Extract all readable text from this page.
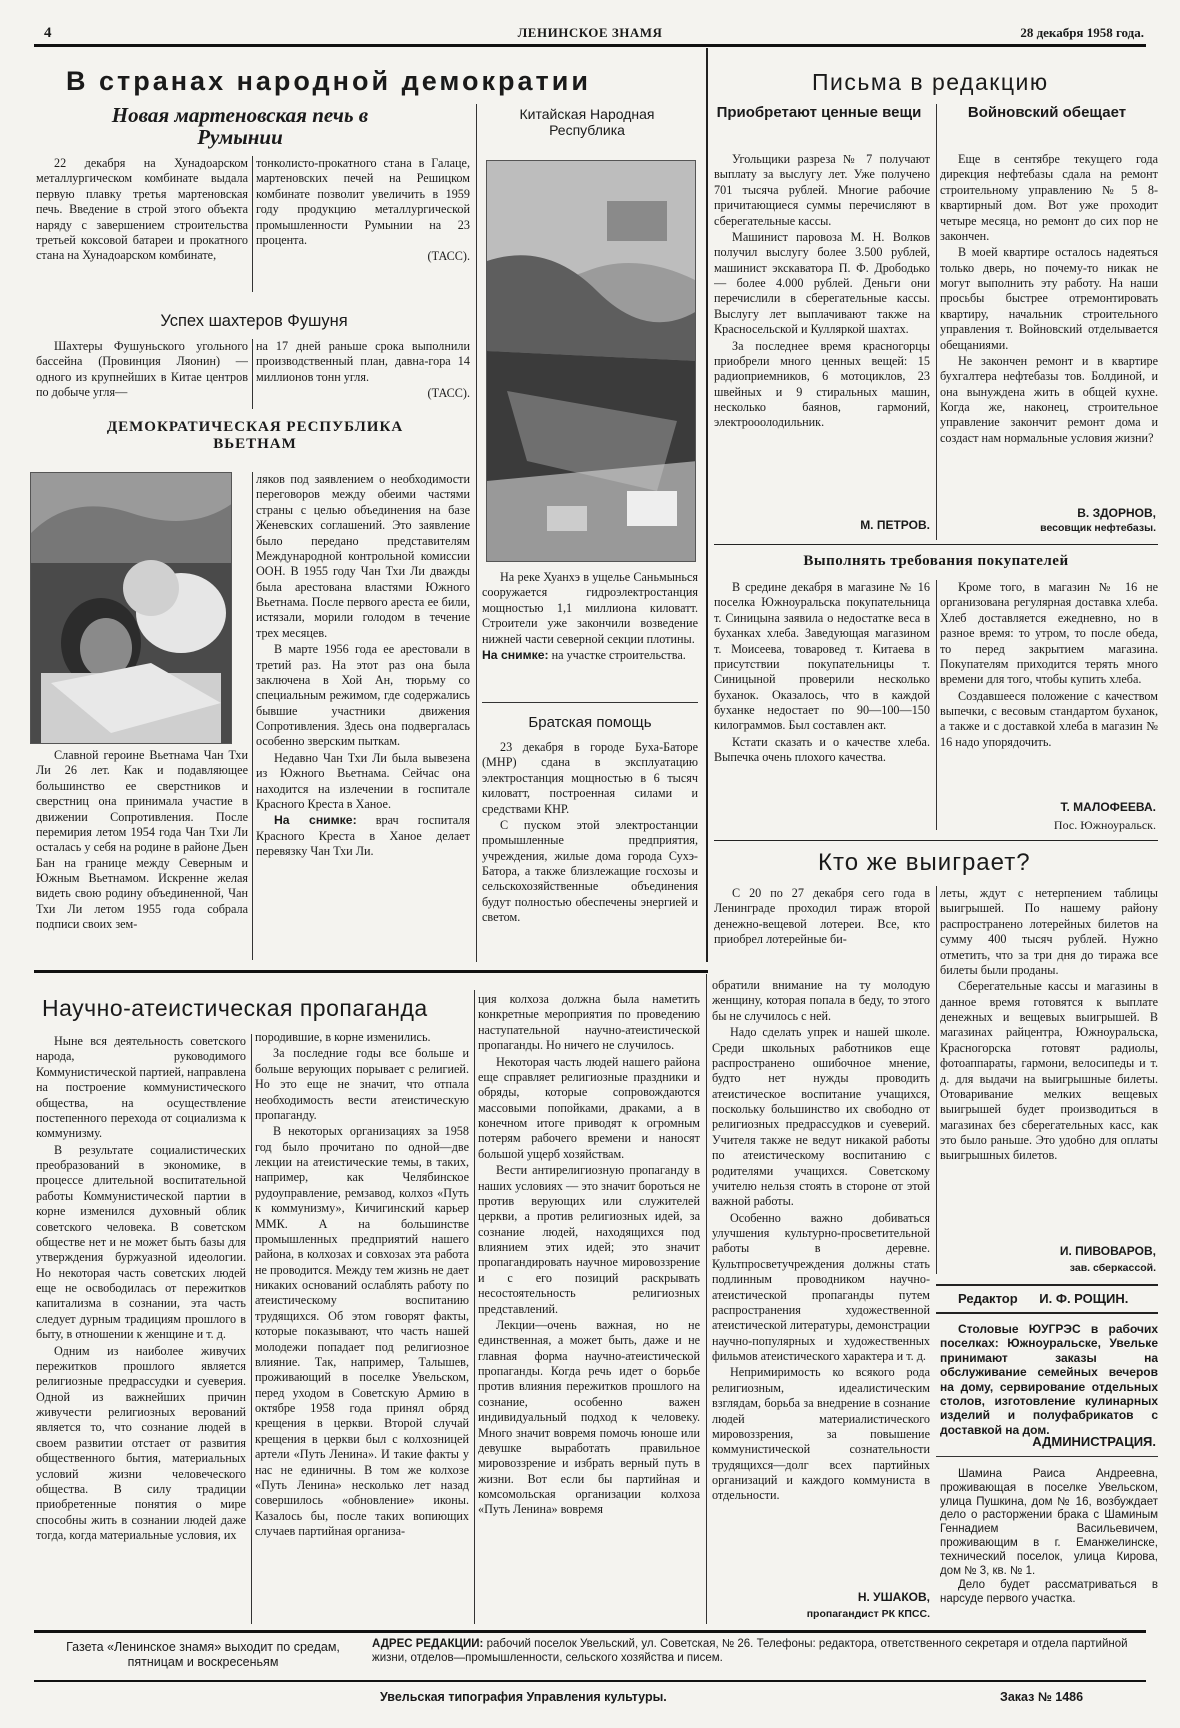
4	ЛЕНИНСКОЕ ЗНАМЯ	28 декабря 1958 года.
В странах народной демократии
Новая мартеновская печь в Румынии

22 декабря на Хунадоарском металлургическом комбинате выдала первую плавку третья мартеновская печь. Введение в строй этого объекта наряду с завершением строительства третьей коксовой батареи и прокатного стана на Хунадоарском комбинате,

тонколисто-прокатного стана в Галаце, мартеновских печей на Решицком комбинате позволит увеличить в 1959 году продукцию металлургической промышленности Румынии на 23 процента.

(ТАСС).
Успех шахтеров Фушуня

Шахтеры Фушуньского угольного бассейна (Провинция Ляонин) — одного из крупнейших в Китае центров по добыче угля—

на 17 дней раньше срока выполнили производственный план, давна-гора 14 миллионов тонн угля.

(ТАСС).
ДЕМОКРАТИЧЕСКАЯ РЕСПУБЛИКА ВЬЕТНАМ

Славной героине Вьетнама Чан Тхи Ли 26 лет. Как и подавляющее большинство ее сверстников и сверстниц она принимала участие в движении Сопротивления. После перемирия летом 1954 года Чан Тхи Ли осталась у себя на родине в районе Дьен Бан на границе между Северным и Южным Вьетнамом. Искренне желая видеть свою родину объединенной, Чан Тхи Ли летом 1955 года собрала подписи своих зем-

ляков под заявлением о необходимости переговоров между обеими частями страны с целью объединения на базе Женевских соглашений. Это заявление было передано представителям Международной контрольной комиссии ООН. В 1955 году Чан Тхи Ли дважды была арестована властями Южного Вьетнама. После первого ареста ее били, истязали, морили голодом в течение трех месяцев.

В марте 1956 года ее арестовали в третий раз. На этот раз она была заключена в Хой Ан, тюрьму со специальным режимом, где содержались бывшие участники движения Сопротивления. Здесь она подвергалась особенно зверским пыткам.

Недавно Чан Тхи Ли была вывезена из Южного Вьетнама. Сейчас она находится на излечении в госпитале Красного Креста в Ханое.

На снимке: врач госпиталя Красного Креста в Ханое делает перевязку Чан Тхи Ли.

Китайская Народная Республика

На реке Хуанхэ в ущелье Саньмынься сооружается гидроэлектростанция мощностью 1,1 миллиона киловатт. Строители уже закончили возведение нижней части северной секции плотины.

На снимке: на участке строительства.

Братская помощь

23 декабря в городе Буха-Баторе (МНР) сдана в эксплуатацию электростанция мощностью в 6 тысяч киловатт, построенная силами и средствами КНР.

С пуском этой электростанции промышленные предприятия, учреждения, жилые дома города Сухэ-Батора, а также близлежащие госхозы и сельскохозяйственные объединения будут полностью обеспечены энергией и светом.

Письма в редакцию
Приобретают ценные вещи

Угольщики разреза № 7 получают выплату за выслугу лет. Уже получено 701 тысяча рублей. Многие рабочие причитающиеся суммы перечисляют в сберегательные кассы.

Машинист паровоза М. Н. Волков получил выслугу более 3.500 рублей, машинист экскаватора П. Ф. Дрободько — более 4.000 рублей. Деньги они перечислили в сберегательные кассы. Выслугу лет выплачивают также на Красносельской и Кулляркой шахтах.

За последнее время красногорцы приобрели много ценных вещей: 15 радиоприемников, 6 мотоциклов, 23 швейных и 9 стиральных машин, несколько баянов, гармоний, электрооолодильник.

М. ПЕТРОВ.
Войновский обещает

Еще в сентябре текущего года дирекция нефтебазы сдала на ремонт строительному управлению № 5 8-квартирный дом. Вот уже проходит четыре месяца, но ремонт до сих пор не закончен.

В моей квартире осталось надеяться только дверь, но почему-то никак не могут выполнить эту работу. На наши просьбы быстрее отремонтировать квартиру, начальник строительного управления т. Войновский отделывается обещаниями.

Не закончен ремонт и в квартире бухгалтера нефтебазы тов. Болдиной, и она вынуждена жить в общей кухне. Когда же, наконец, строительное управление закончит ремонт дома и создаст нам нормальные условия жизни?

В. ЗДОРНОВ,
весовщик нефтебазы.
Выполнять требования покупателей

В средине декабря в магазине № 16 поселка Южноуральска покупательница т. Синицына заявила о недостатке веса в буханках хлеба. Заведующая магазином т. Моисеева, товаровед т. Китаева в присутствии покупательницы т. Синицыной проверили несколько буханок. Оказалось, что в каждой буханке недостает по 90—100—150 килограммов. Был составлен акт.

Кстати сказать и о качестве хлеба. Выпечка очень плохого качества.

Кроме того, в магазин № 16 не организована регулярная доставка хлеба. Хлеб доставляется ежедневно, но в разное время: то утром, то после обеда, то перед закрытием магазина. Покупателям приходится терять много времени для того, чтобы купить хлеба.

Создавшееся положение с качеством выпечки, с весовым стандартом буханок, а также и с доставкой хлеба в магазин № 16 надо упорядочить.

Т. МАЛОФЕЕВА.
Пос. Южноуральск.
Кто же выиграет?

С 20 по 27 декабря сего года в Ленинграде проходил тираж второй денежно-вещевой лотереи. Все, кто приобрел лотерейные би-

леты, ждут с нетерпением таблицы выигрышей. По нашему району распространено лотерейных билетов на сумму 400 тысяч рублей. Нужно отметить, что за три дня до тиража все билеты были проданы.

Сберегательные кассы и магазины в данное время готовятся к выплате денежных и вещевых выигрышей. В магазинах райцентра, Южноуральска, Красногорска готовят радиолы, фотоаппараты, гармони, велосипеды и т. д. для выдачи на выигрышные билеты. Отоваривание мелких вещевых выигрышей будет производиться в магазинах без сберегательных касс, как это было раньше. Это удобно для оплаты выигрышных билетов.

И. ПИВОВАРОВ,
зав. сберкассой.
Научно-атеистическая пропаганда

Ныне вся деятельность советского народа, руководимого Коммунистической партией, направлена на построение коммунистического общества, на осуществление постепенного перехода от социализма к коммунизму.

В результате социалистических преобразований в экономике, в процессе длительной воспитательной работы Коммунистической партии в корне изменился духовный облик советского человека. В советском обществе нет и не может быть базы для утверждения буржуазной идеологии. Но некоторая часть советских людей еще не освободилась от пережитков капитализма в сознании, эта часть следует дурным традициям прошлого в быту, в отношении к женщине и т. д.

Одним из наиболее живучих пережитков прошлого является религиозные предрассудки и суеверия. Одной из важнейших причин живучести религиозных верований является то, что сознание людей в своем развитии отстает от развития общественного бытия, материальных условий жизни человеческого общества. В силу традиции приобретенные понятия о мире способны жить в сознании людей даже тогда, когда материальные условия, их

породившие, в корне изменились.

За последние годы все больше и больше верующих порывает с религией. Но это еще не значит, что отпала необходимость вести атеистическую пропаганду.

В некоторых организациях за 1958 год было прочитано по одной—две лекции на атеистические темы, в таких, например, как Челябинское рудоуправление, ремзавод, колхоз «Путь к коммунизму», Кичигинский карьер ММК. А на большинстве промышленных предприятий нашего района, в колхозах и совхозах эта работа не проводится. Между тем жизнь не дает никаких оснований ослаблять работу по атеистическому воспитанию трудящихся. Об этом говорят факты, которые показывают, что часть нашей молодежи попадает под религиозное влияние. Так, например, Талышев, проживающий в поселке Увельском, перед уходом в Советскую Армию в октябре 1958 года принял обряд крещения в церкви. Второй случай крещения в церкви был с колхозницей артели «Путь Ленина». И такие факты у нас не единичны. В том же колхозе «Путь Ленина» несколько лет назад совершилось «обновление» иконы. Казалось бы, после таких вопиющих случаев партийная организа-

ция колхоза должна была наметить конкретные мероприятия по проведению наступательной научно-атеистической пропаганды. Но ничего не случилось.

Некоторая часть людей нашего района еще справляет религиозные праздники и обряды, которые сопровождаются массовыми попойками, драками, а в конечном итоге приводят к огромным потерям рабочего времени и наносят большой ущерб хозяйствам.

Вести антирелигиозную пропаганду в наших условиях — это значит бороться не против верующих или служителей церкви, а против религиозных идей, за сознание людей, находящихся под влиянием этих идей; это значит пропагандировать научное мировоззрение и с его позиций раскрывать несостоятельность религиозных представлений.

Лекции—очень важная, но не единственная, а может быть, даже и не главная форма научно-атеистической пропаганды. Когда речь идет о борьбе против влияния пережитков прошлого на сознание, особенно важен индивидуальный подход к человеку. Много значит вовремя помочь юноше или девушке выработать правильное мировоззрение и избрать верный путь в жизни. Вот если бы партийная и комсомольская организации колхоза «Путь Ленина» вовремя

обратили внимание на ту молодую женщину, которая попала в беду, то этого бы не случилось с ней.

Надо сделать упрек и нашей школе. Среди школьных работников еще распространено ошибочное мнение, будто нет нужды проводить атеистическое воспитание учащихся, поскольку большинство их свободно от религиозных предрассудков и суеверий. Учителя также не ведут никакой работы по атеистическому воспитанию с родителями учащихся. Советскому учителю нельзя стоять в стороне от этой важной работы.

Особенно важно добиваться улучшения культурно-просветительной работы в деревне. Культпросветучреждения должны стать подлинным проводником научно-атеистической пропаганды путем распространения художественной атеистической литературы, демонстрации научно-популярных и художественных фильмов атеистического характера и т. д.

Непримиримость ко всякого рода религиозным, идеалистическим взглядам, борьба за внедрение в сознание людей материалистического мировоззрения, за повышение коммунистической сознательности трудящихся—долг всех партийных организаций и каждого коммуниста в отдельности.

Н. УШАКОВ,
пропагандист РК КПСС.
Редактор И. Ф. РОЩИН.

Столовые ЮУГРЭС в рабочих поселках: Южноуральске, Увельке принимают заказы на обслуживание семейных вечеров на дому, сервирование отдельных столов, изготовление кулинарных изделий и полуфабрикатов с доставкой на дом.

АДМИНИСТРАЦИЯ.

Шамина Раиса Андреевна, проживающая в поселке Увельском, улица Пушкина, дом № 16, возбуждает дело о расторжении брака с Шаминым Геннадием Васильевичем, проживающим в г. Еманжелинске, технический поселок, улица Кирова, дом № 3, кв. № 1.

Дело будет рассматриваться в нарсуде первого участка.

Газета «Ленинское знамя» выходит по средам, пятницам и воскресеньям
АДРЕС РЕДАКЦИИ: рабочий поселок Увельский, ул. Советская, № 26. Телефоны: редактора, ответственного секретаря и отдела партийной жизни, отделов—промышленности, сельского хозяйства и писем.
Увельская типография Управления культуры.	Заказ № 1486
